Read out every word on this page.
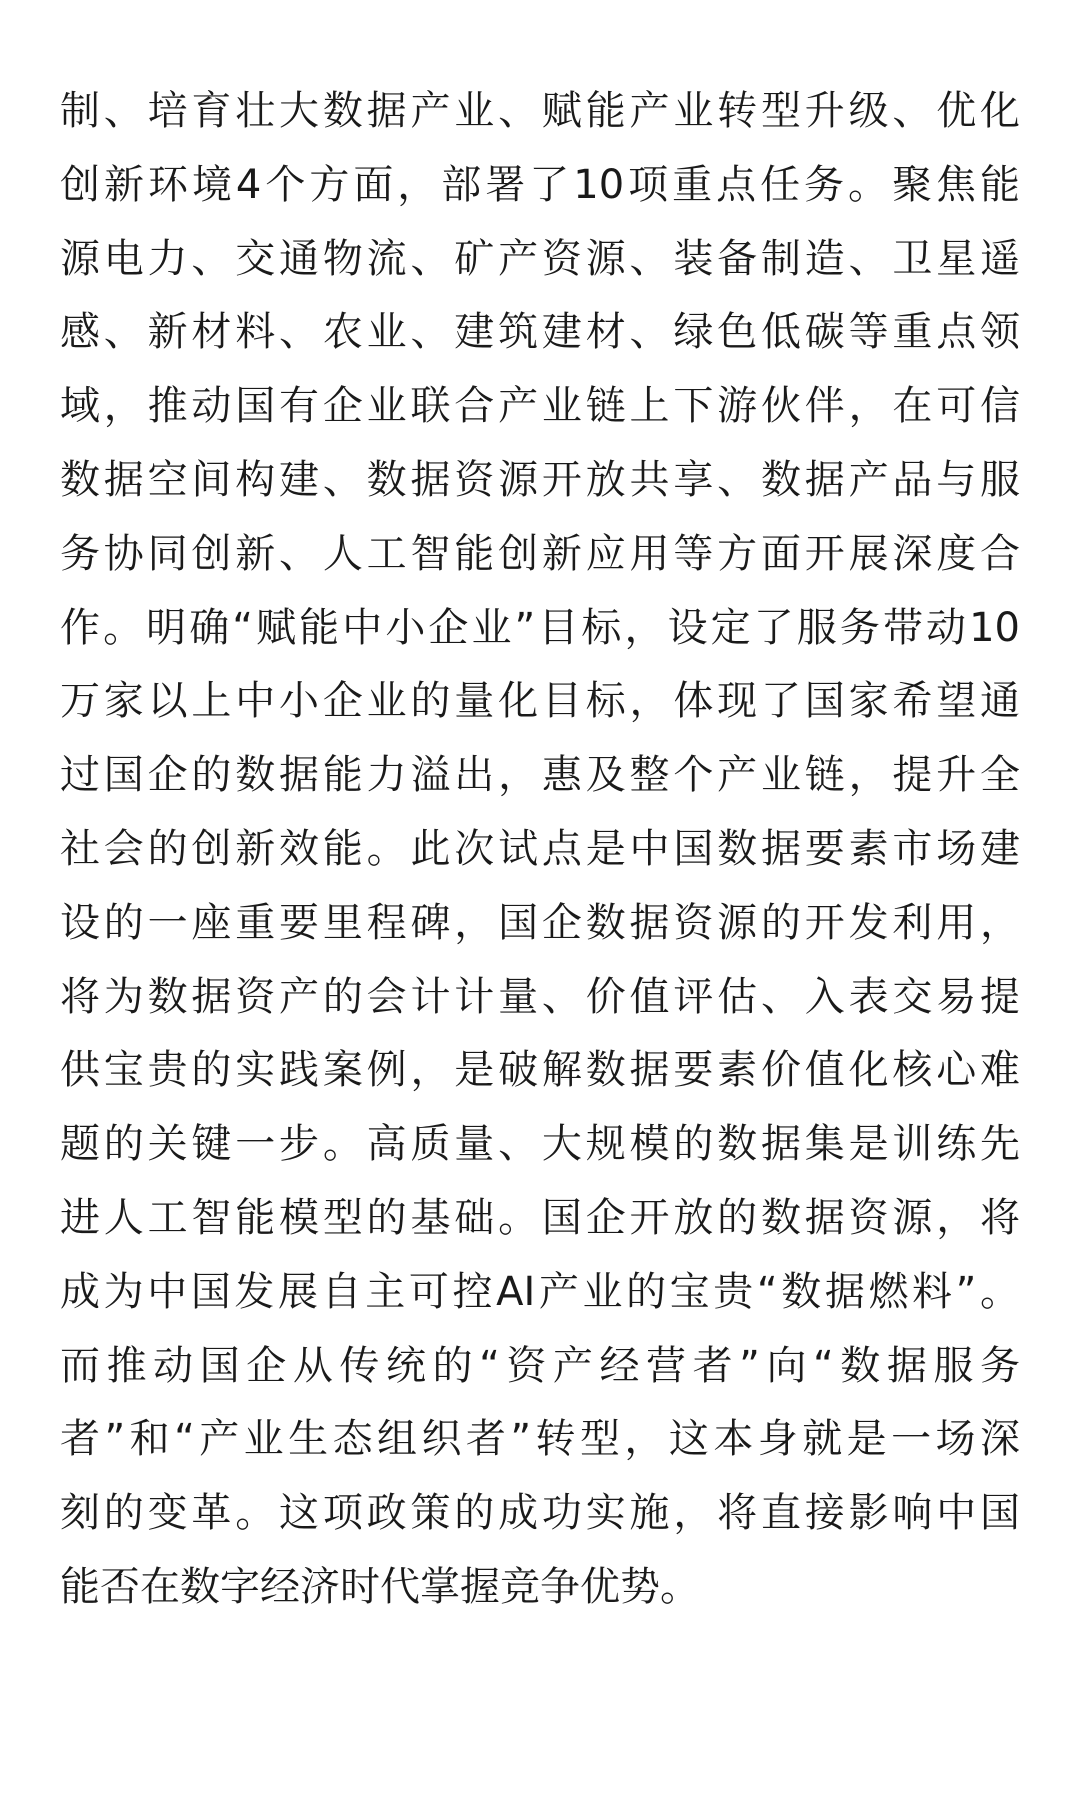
制、培育壮大数据产业、赋能产业转型升级、优化
创新环境4个方面，部署了10项重点任务。聚焦能
源电力、交通物流、矿产资源、装备制造、卫星遥
感、新材料、农业、建筑建材、绿色低碳等重点领
域，推动国有企业联合产业链上下游伙伴，在可信
数据空间构建、数据资源开放共享、数据产品与服
务协同创新、人工智能创新应用等方面开展深度合
作。明确“赋能中小企业”目标，设定了服务带动10
万家以上中小企业的量化目标，体现了国家希望通
过国企的数据能力溢出，惠及整个产业链，提升全
社会的创新效能。此次试点是中国数据要素市场建
设的一座重要里程碑，国企数据资源的开发利用，
将为数据资产的会计计量、价值评估、入表交易提
供宝贵的实践案例，是破解数据要素价值化核心难
题的关键一步。高质量、大规模的数据集是训练先
进人工智能模型的基础。国企开放的数据资源，将
成为中国发展自主可控AI产业的宝贵“数据燃料”。
而推动国企从传统的“资产经营者”向“数据服务
者”和“产业生态组织者”转型，这本身就是一场深
刻的变革。这项政策的成功实施，将直接影响中国
能否在数字经济时代掌握竞争优势。
